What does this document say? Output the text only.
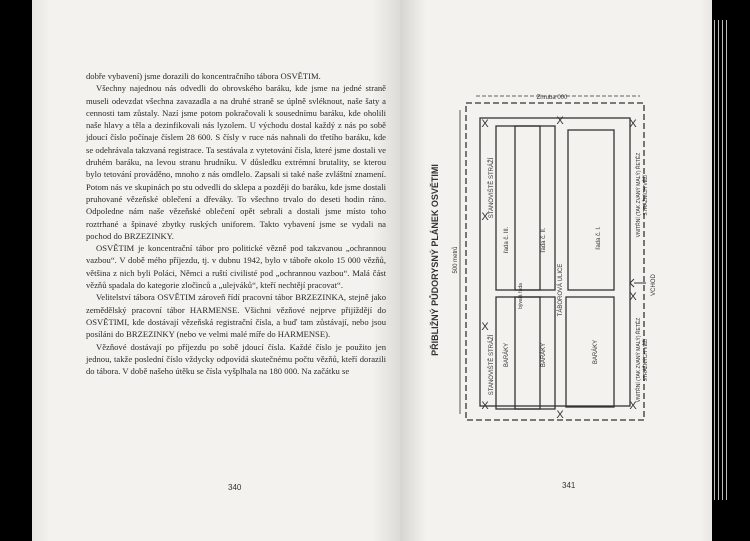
dobře vybavení) jsme dorazili do koncentračního tábora OSVĚTIM.

Všechny najednou nás odvedli do obrovského baráku, kde jsme na jedné straně museli odevzdat všechna zavazadla a na druhé straně se úplně svléknout, naše šaty a cennosti tam zůstaly. Nazí jsme potom pokračovali k sousednímu baráku, kde oholili naše hlavy a těla a dezinfikovali nás lyzolem. U východu dostal každý z nás po sobě jdoucí číslo počínaje číslem 28 600. S čísly v ruce nás nahnali do třetího baráku, kde se odehrávala takzvaná registrace. Ta sestávala z vytetování čísla, které jsme dostali ve druhém baráku, na levou stranu hrudníku. V důsledku extrémní brutality, se kterou bylo tetování prováděno, mnoho z nás omdlelo. Zapsali si také naše zvláštní znamení. Potom nás ve skupinách po stu odvedli do sklepa a později do baráku, kde jsme dostali pruhované vězeňské oblečení a dřeváky. To všechno trvalo do deseti hodin ráno. Odpoledne nám naše vězeňské oblečení opět sebrali a dostali jsme místo toho roztrhané a špinavé zbytky ruských uniforem. Takto vybavení jsme se vydali na pochod do BRZEZINKY.

OSVĚTIM je koncentrační tábor pro politické vězně pod takzvanou „ochrannou vazbou“. V době mého příjezdu, tj. v dubnu 1942, bylo v tábořе okolo 15 000 vězňů, většina z nich byli Poláci, Němci a ruští civilisté pod „ochrannou vazbou“. Malá část vězňů spadala do kategorie zločinců a „ulejváků“, kteří nechtějí pracovat“.

Velitelství tábora OSVĚTIM zároveň řídí pracovní tábor BRZEZINKA, stejně jako zemědělský pracovní tábor HARMENSE. Všichni vězňové nejprve přijíždějí do OSVĚTIMI, kde dostávají vězeňská registrační čísla, a buď tam zůstávají, nebo jsou posíláni do BRZEZINKY (nebo ve velmi malé míře do HARMENSE).

Vězňové dostávají po příjezdu po sobě jdoucí čísla. Každé číslo je použito jen jednou, takže poslední číslo vždycky odpovídá skutečnému počtu vězňů, kteří dorazili do tábora. V době našeho útěku se čísla vyšplhala na 180 000. Na začátku se

340	341
X	X
X	X
X
X
X
X
X
Zhruba 000
500 metrů
PŘIBLIŽNÝ PŮDORYSNÝ PLÁNEK OSVĚTIMI	STANOVIŠTĚ STRÁŽÍ
STANOVIŠTĚ STRÁŽÍ
řada č. III.	řada č. II.	řada č. I.
TÁBOROVÁ ULICE
bývalá řada
BARÁKY	BARÁKY	BARÁKY
VNITŘNÍ (TAK ZVANÝ MALÝ) ŘETĚZ STRÁŽNÍCH VĚŽÍ
VNITŘNÍ (TAK ZVANÝ MALÝ) ŘETĚZ STRÁŽNÝCH VĚŽÍ
VCHOD
